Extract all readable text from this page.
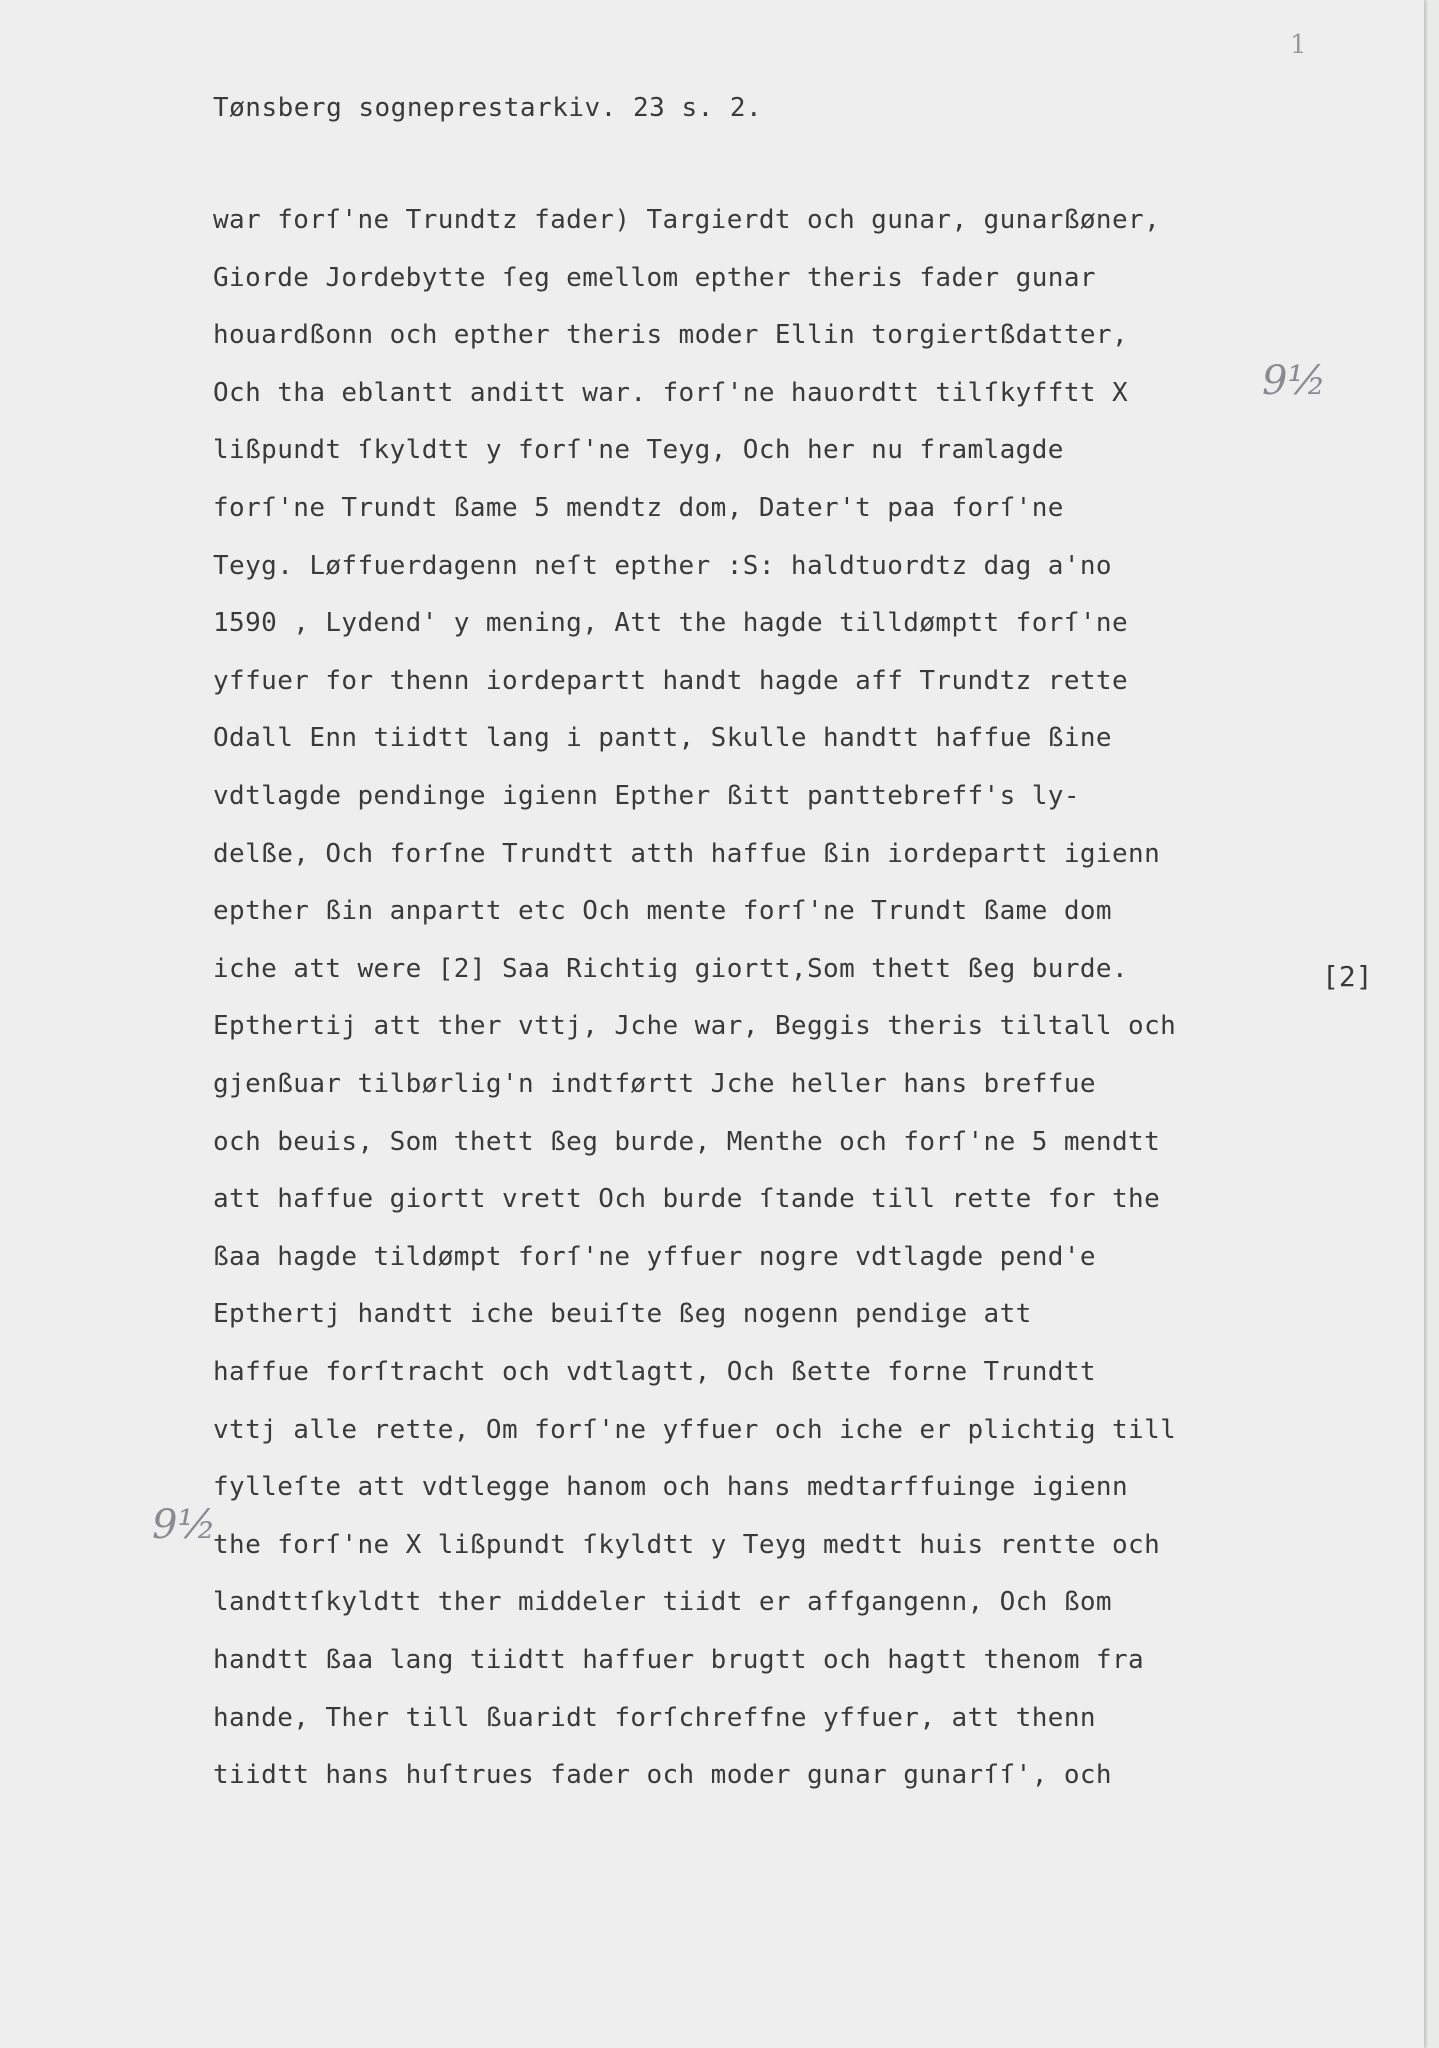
1
Tønsberg sogneprestarkiv. 23 s. 2.
war forſ'ne Trundtz fader) Targierdt och gunar, gunarßøner,
Giorde Jordebytte ſeg emellom epther theris fader gunar
houardßonn och epther theris moder Ellin torgiertßdatter,
Och tha eblantt anditt war. forſ'ne hauordtt tilſkyfftt X
lißpundt ſkyldtt y forſ'ne Teyg, Och her nu framlagde
forſ'ne Trundt ßame 5 mendtz dom, Dater't paa forſ'ne
Teyg. Løffuerdagenn neſt epther :S: haldtuordtz dag a'no
1590 , Lydend' y mening, Att the hagde tilldømptt forſ'ne
yffuer for thenn iordepartt handt hagde aff Trundtz rette
Odall Enn tiidtt lang i pantt, Skulle handtt haffue ßine
vdtlagde pendinge igienn Epther ßitt panttebreff's ly-
delße, Och forſne Trundtt atth haffue ßin iordepartt igienn
epther ßin anpartt etc Och mente forſ'ne Trundt ßame dom
iche att were [2] Saa Richtig giortt,Som thett ßeg burde.
Epthertij att ther vttj, Jche war, Beggis theris tiltall och
gjenßuar tilbørlig'n indtførtt Jche heller hans breffue
och beuis, Som thett ßeg burde, Menthe och forſ'ne 5 mendtt
att haffue giortt vrett Och burde ſtande till rette for the
ßaa hagde tildømpt forſ'ne yffuer nogre vdtlagde pend'e
Epthertj handtt iche beuiſte ßeg nogenn pendige att
haffue forſtracht och vdtlagtt, Och ßette forne Trundtt
vttj alle rette, Om forſ'ne yffuer och iche er plichtig till
fylleſte att vdtlegge hanom och hans medtarffuinge igienn
the forſ'ne X lißpundt ſkyldtt y Teyg medtt huis rentte och
landttſkyldtt ther middeler tiidt er affgangenn, Och ßom
handtt ßaa lang tiidtt haffuer brugtt och hagtt thenom fra
hande, Ther till ßuaridt forſchreffne yffuer, att thenn
tiidtt hans huſtrues fader och moder gunar gunarſſ', och
[2]
9½
9½
